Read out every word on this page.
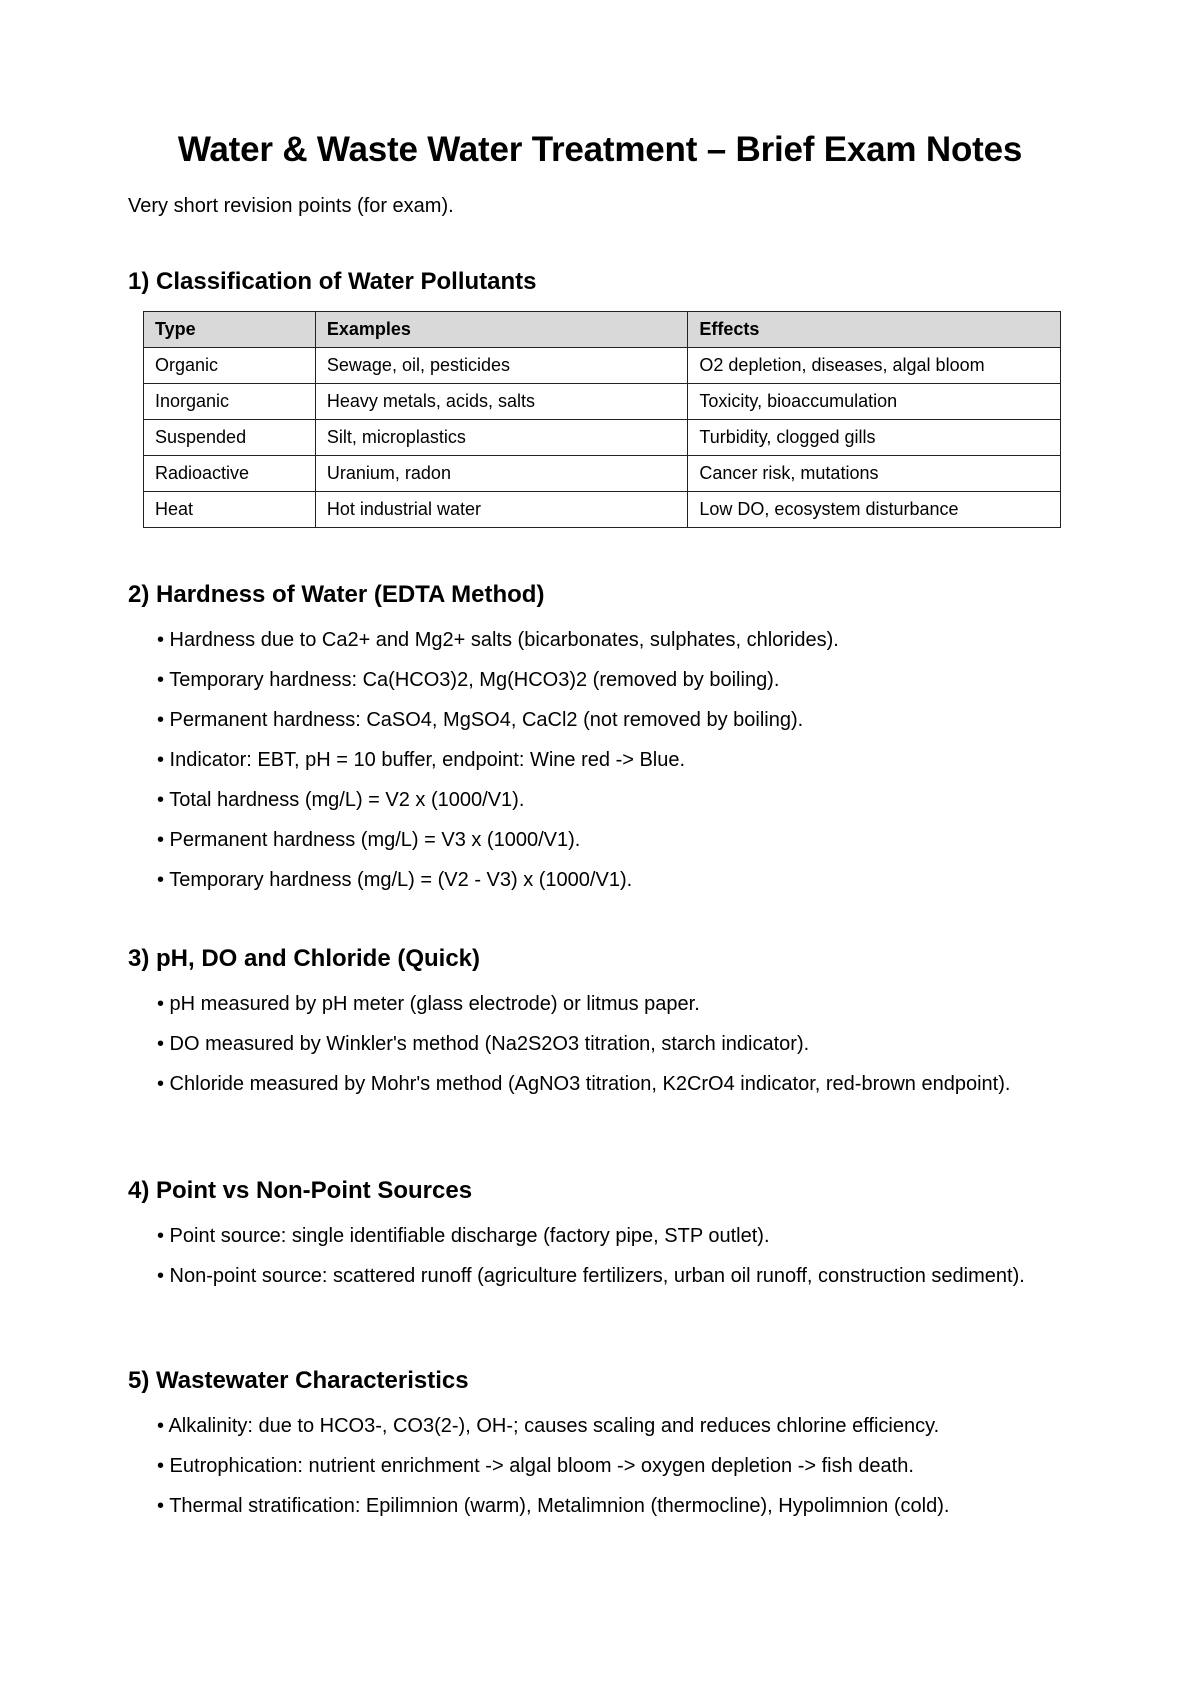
Water & Waste Water Treatment – Brief Exam Notes
Very short revision points (for exam).
1) Classification of Water Pollutants
Type	Examples	Effects
Organic	Sewage, oil, pesticides	O2 depletion, diseases, algal bloom
Inorganic	Heavy metals, acids, salts	Toxicity, bioaccumulation
Suspended	Silt, microplastics	Turbidity, clogged gills
Radioactive	Uranium, radon	Cancer risk, mutations
Heat	Hot industrial water	Low DO, ecosystem disturbance
2) Hardness of Water (EDTA Method)
• Hardness due to Ca2+ and Mg2+ salts (bicarbonates, sulphates, chlorides).
• Temporary hardness: Ca(HCO3)2, Mg(HCO3)2 (removed by boiling).
• Permanent hardness: CaSO4, MgSO4, CaCl2 (not removed by boiling).
• Indicator: EBT, pH = 10 buffer, endpoint: Wine red -> Blue.
• Total hardness (mg/L) = V2 x (1000/V1).
• Permanent hardness (mg/L) = V3 x (1000/V1).
• Temporary hardness (mg/L) = (V2 - V3) x (1000/V1).
3) pH, DO and Chloride (Quick)
• pH measured by pH meter (glass electrode) or litmus paper.
• DO measured by Winkler's method (Na2S2O3 titration, starch indicator).
• Chloride measured by Mohr's method (AgNO3 titration, K2CrO4 indicator, red-brown endpoint).
4) Point vs Non-Point Sources
• Point source: single identifiable discharge (factory pipe, STP outlet).
• Non-point source: scattered runoff (agriculture fertilizers, urban oil runoff, construction sediment).
5) Wastewater Characteristics
• Alkalinity: due to HCO3-, CO3(2-), OH-; causes scaling and reduces chlorine efficiency.
• Eutrophication: nutrient enrichment -> algal bloom -> oxygen depletion -> fish death.
• Thermal stratification: Epilimnion (warm), Metalimnion (thermocline), Hypolimnion (cold).
